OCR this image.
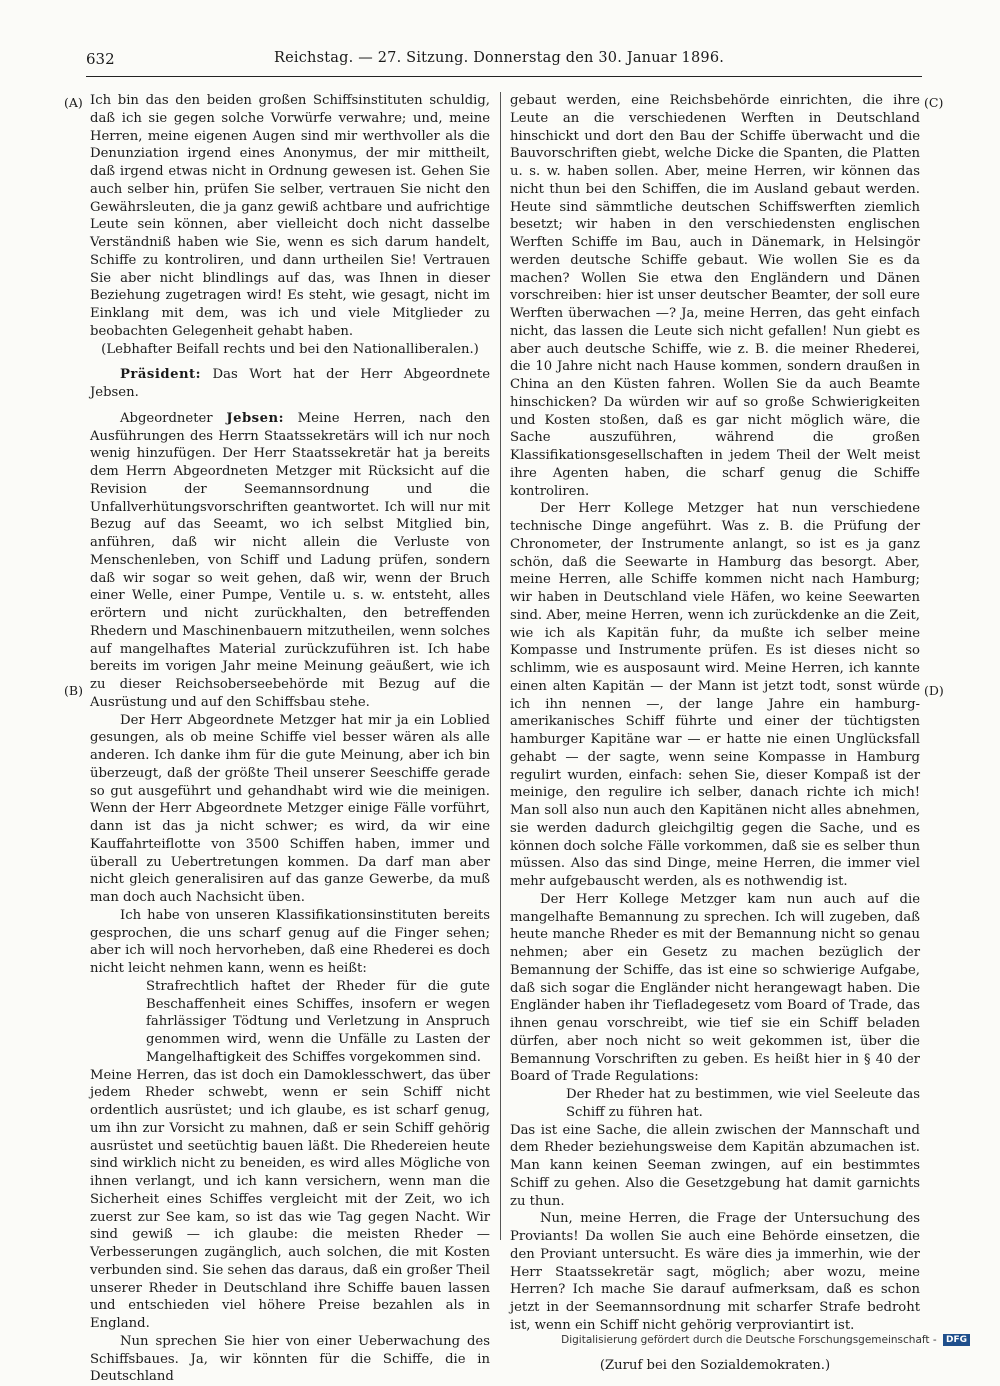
632	Reichstag. — 27. Sitzung. Donnerstag den 30. Januar 1896.
(A)
(B)
(C)
(D)

Ich bin das den beiden großen Schiffsinstituten schuldig, daß ich sie gegen solche Vorwürfe verwahre; und, meine Herren, meine eigenen Augen sind mir werthvoller als die Denunziation irgend eines Anonymus, der mir mittheilt, daß irgend etwas nicht in Ordnung gewesen ist. Gehen Sie auch selber hin, prüfen Sie selber, vertrauen Sie nicht den Gewährsleuten, die ja ganz gewiß achtbare und aufrichtige Leute sein können, aber vielleicht doch nicht dasselbe Verständniß haben wie Sie, wenn es sich darum handelt, Schiffe zu kontroliren, und dann urtheilen Sie! Vertrauen Sie aber nicht blindlings auf das, was Ihnen in dieser Beziehung zugetragen wird! Es steht, wie gesagt, nicht im Einklang mit dem, was ich und viele Mitglieder zu beobachten Gelegenheit gehabt haben.

(Lebhafter Beifall rechts und bei den Nationalliberalen.)

Präsident: Das Wort hat der Herr Abgeordnete Jebsen.

Abgeordneter Jebsen: Meine Herren, nach den Ausführungen des Herrn Staatssekretärs will ich nur noch wenig hinzufügen. Der Herr Staatssekretär hat ja bereits dem Herrn Abgeordneten Metzger mit Rücksicht auf die Revision der Seemannsordnung und die Unfallverhütungsvorschriften geantwortet. Ich will nur mit Bezug auf das Seeamt, wo ich selbst Mitglied bin, anführen, daß wir nicht allein die Verluste von Menschenleben, von Schiff und Ladung prüfen, sondern daß wir sogar so weit gehen, daß wir, wenn der Bruch einer Welle, einer Pumpe, Ventile u. s. w. entsteht, alles erörtern und nicht zurückhalten, den betreffenden Rhedern und Maschinenbauern mitzutheilen, wenn solches auf mangelhaftes Material zurückzuführen ist. Ich habe bereits im vorigen Jahr meine Meinung geäußert, wie ich zu dieser Reichsoberseebehörde mit Bezug auf die Ausrüstung und auf den Schiffsbau stehe.

Der Herr Abgeordnete Metzger hat mir ja ein Loblied gesungen, als ob meine Schiffe viel besser wären als alle anderen. Ich danke ihm für die gute Meinung, aber ich bin überzeugt, daß der größte Theil unserer Seeschiffe gerade so gut ausgeführt und gehandhabt wird wie die meinigen. Wenn der Herr Abgeordnete Metzger einige Fälle vorführt, dann ist das ja nicht schwer; es wird, da wir eine Kauffahrteiflotte von 3500 Schiffen haben, immer und überall zu Uebertretungen kommen. Da darf man aber nicht gleich generalisiren auf das ganze Gewerbe, da muß man doch auch Nachsicht üben.

Ich habe von unseren Klassifikationsinstituten bereits gesprochen, die uns scharf genug auf die Finger sehen; aber ich will noch hervorheben, daß eine Rhederei es doch nicht leicht nehmen kann, wenn es heißt:

Strafrechtlich haftet der Rheder für die gute Beschaffenheit eines Schiffes, insofern er wegen fahrlässiger Tödtung und Verletzung in Anspruch genommen wird, wenn die Unfälle zu Lasten der Mangelhaftigkeit des Schiffes vorgekommen sind.

Meine Herren, das ist doch ein Damoklesschwert, das über jedem Rheder schwebt, wenn er sein Schiff nicht ordentlich ausrüstet; und ich glaube, es ist scharf genug, um ihn zur Vorsicht zu mahnen, daß er sein Schiff gehörig ausrüstet und seetüchtig bauen läßt. Die Rhedereien heute sind wirklich nicht zu beneiden, es wird alles Mögliche von ihnen verlangt, und ich kann versichern, wenn man die Sicherheit eines Schiffes vergleicht mit der Zeit, wo ich zuerst zur See kam, so ist das wie Tag gegen Nacht. Wir sind gewiß — ich glaube: die meisten Rheder — Verbesserungen zugänglich, auch solchen, die mit Kosten verbunden sind. Sie sehen das daraus, daß ein großer Theil unserer Rheder in Deutschland ihre Schiffe bauen lassen und entschieden viel höhere Preise bezahlen als in England.

Nun sprechen Sie hier von einer Ueberwachung des Schiffsbaues. Ja, wir könnten für die Schiffe, die in Deutschland

gebaut werden, eine Reichsbehörde einrichten, die ihre Leute an die verschiedenen Werften in Deutschland hinschickt und dort den Bau der Schiffe überwacht und die Bauvorschriften giebt, welche Dicke die Spanten, die Platten u. s. w. haben sollen. Aber, meine Herren, wir können das nicht thun bei den Schiffen, die im Ausland gebaut werden. Heute sind sämmtliche deutschen Schiffswerften ziemlich besetzt; wir haben in den verschiedensten englischen Werften Schiffe im Bau, auch in Dänemark, in Helsingör werden deutsche Schiffe gebaut. Wie wollen Sie es da machen? Wollen Sie etwa den Engländern und Dänen vorschreiben: hier ist unser deutscher Beamter, der soll eure Werften überwachen —? Ja, meine Herren, das geht einfach nicht, das lassen die Leute sich nicht gefallen! Nun giebt es aber auch deutsche Schiffe, wie z. B. die meiner Rhederei, die 10 Jahre nicht nach Hause kommen, sondern draußen in China an den Küsten fahren. Wollen Sie da auch Beamte hinschicken? Da würden wir auf so große Schwierigkeiten und Kosten stoßen, daß es gar nicht möglich wäre, die Sache auszuführen, während die großen Klassifikationsgesellschaften in jedem Theil der Welt meist ihre Agenten haben, die scharf genug die Schiffe kontroliren.

Der Herr Kollege Metzger hat nun verschiedene technische Dinge angeführt. Was z. B. die Prüfung der Chronometer, der Instrumente anlangt, so ist es ja ganz schön, daß die Seewarte in Hamburg das besorgt. Aber, meine Herren, alle Schiffe kommen nicht nach Hamburg; wir haben in Deutschland viele Häfen, wo keine Seewarten sind. Aber, meine Herren, wenn ich zurückdenke an die Zeit, wie ich als Kapitän fuhr, da mußte ich selber meine Kompasse und Instrumente prüfen. Es ist dieses nicht so schlimm, wie es ausposaunt wird. Meine Herren, ich kannte einen alten Kapitän — der Mann ist jetzt todt, sonst würde ich ihn nennen —, der lange Jahre ein hamburg-amerikanisches Schiff führte und einer der tüchtigsten hamburger Kapitäne war — er hatte nie einen Unglücksfall gehabt — der sagte, wenn seine Kompasse in Hamburg regulirt wurden, einfach: sehen Sie, dieser Kompaß ist der meinige, den regulire ich selber, danach richte ich mich! Man soll also nun auch den Kapitänen nicht alles abnehmen, sie werden dadurch gleichgiltig gegen die Sache, und es können doch solche Fälle vorkommen, daß sie es selber thun müssen. Also das sind Dinge, meine Herren, die immer viel mehr aufgebauscht werden, als es nothwendig ist.

Der Herr Kollege Metzger kam nun auch auf die mangelhafte Bemannung zu sprechen. Ich will zugeben, daß heute manche Rheder es mit der Bemannung nicht so genau nehmen; aber ein Gesetz zu machen bezüglich der Bemannung der Schiffe, das ist eine so schwierige Aufgabe, daß sich sogar die Engländer nicht herangewagt haben. Die Engländer haben ihr Tiefladegesetz vom Board of Trade, das ihnen genau vorschreibt, wie tief sie ein Schiff beladen dürfen, aber noch nicht so weit gekommen ist, über die Bemannung Vorschriften zu geben. Es heißt hier in § 40 der Board of Trade Regulations:

Der Rheder hat zu bestimmen, wie viel Seeleute das Schiff zu führen hat.

Das ist eine Sache, die allein zwischen der Mannschaft und dem Rheder beziehungsweise dem Kapitän abzumachen ist. Man kann keinen Seeman zwingen, auf ein bestimmtes Schiff zu gehen. Also die Gesetzgebung hat damit garnichts zu thun.

Nun, meine Herren, die Frage der Untersuchung des Proviants! Da wollen Sie auch eine Behörde einsetzen, die den Proviant untersucht. Es wäre dies ja immerhin, wie der Herr Staatssekretär sagt, möglich; aber wozu, meine Herren? Ich mache Sie darauf aufmerksam, daß es schon jetzt in der Seemannsordnung mit scharfer Strafe bedroht ist, wenn ein Schiff nicht gehörig verproviantirt ist.

(Zuruf bei den Sozialdemokraten.)

Digitalisierung gefördert durch die Deutsche Forschungsgemeinschaft - DFG
